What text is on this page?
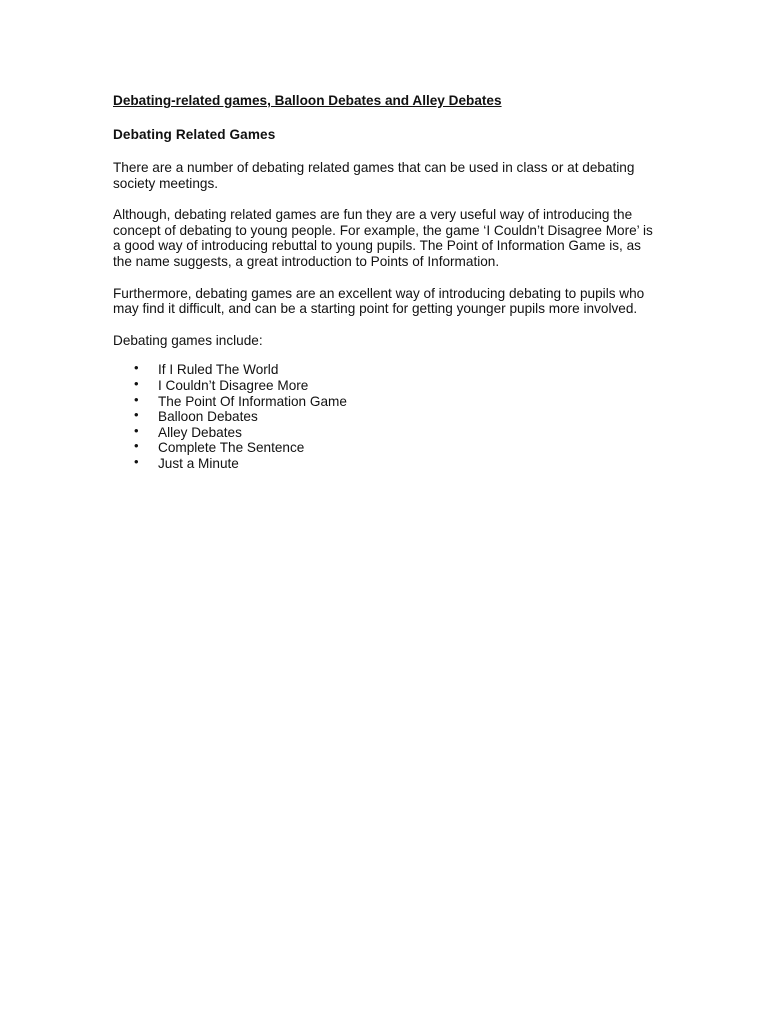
Debating-related games, Balloon Debates and Alley Debates
Debating Related Games

There are a number of debating related games that can be used in class or at debating society meetings.

Although, debating related games are fun they are a very useful way of introducing the concept of debating to young people. For example, the game ‘I Couldn’t Disagree More’ is a good way of introducing rebuttal to young pupils. The Point of Information Game is, as the name suggests, a great introduction to Points of Information.

Furthermore, debating games are an excellent way of introducing debating to pupils who may find it difficult, and can be a starting point for getting younger pupils more involved.

Debating games include:

• If I Ruled The World
• I Couldn’t Disagree More
• The Point Of Information Game
• Balloon Debates
• Alley Debates
• Complete The Sentence
• Just a Minute
